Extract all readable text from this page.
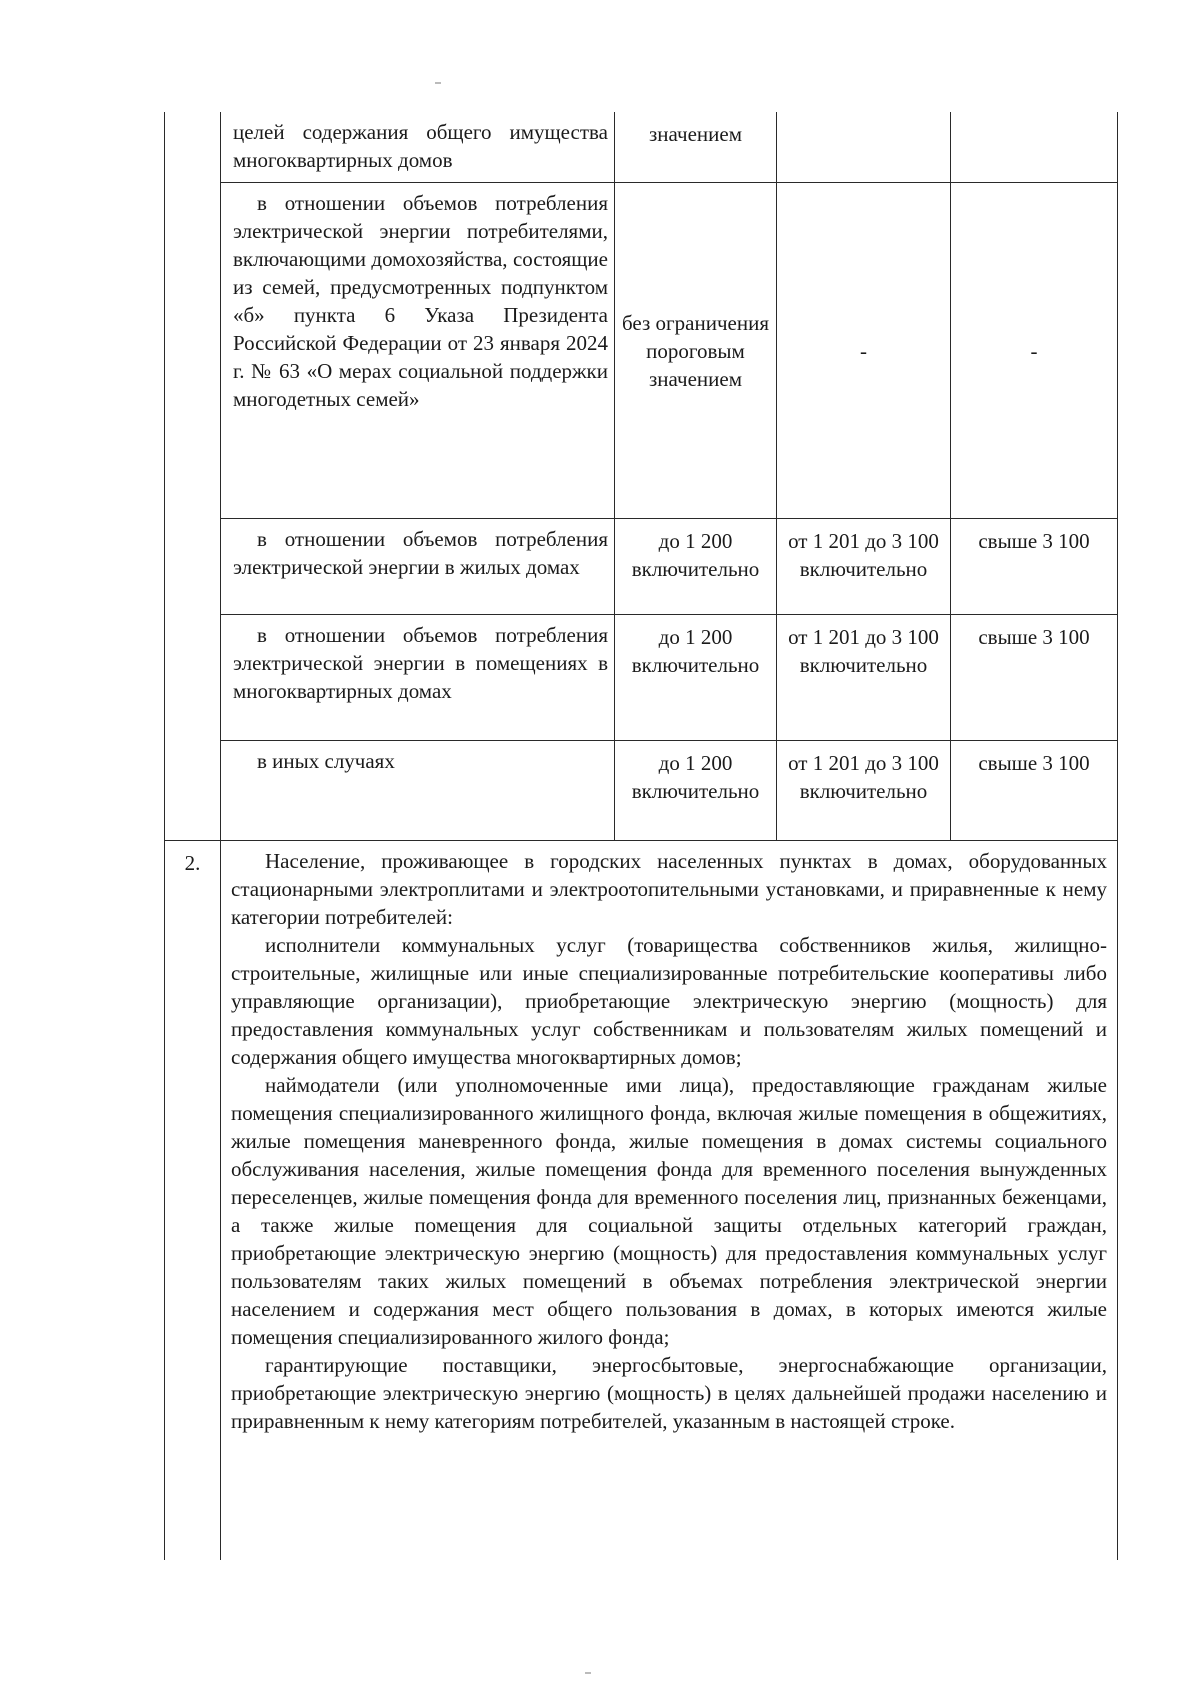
	целей содержания общего имущества многоквартирных домов	значением		

	в отношении объемов потребления электрической энергии потребителями, включающими домохозяйства, состоящие из семей, предусмотренных подпунктом «б» пункта 6 Указа Президента Российской Федерации от 23 января 2024 г. № 63 «О мерах социальной поддержки многодетных семей»	без ограничения пороговым значением	-	-

	в отношении объемов потребления электрической энергии в жилых домах	до 1 200 включительно	от 1 201 до 3 100 включительно	свыше 3 100

	в отношении объемов потребления электрической энергии в помещениях в многоквартирных домах	до 1 200 включительно	от 1 201 до 3 100 включительно	свыше 3 100

	в иных случаях	до 1 200 включительно	от 1 201 до 3 100 включительно	свыше 3 100
2.	Население, проживающее в городских населенных пунктах в домах, оборудованных стационарными электроплитами и электроотопительными установками, и приравненные к нему категории потребителей:

исполнители коммунальных услуг (товарищества собственников жилья, жилищно-строительные, жилищные или иные специализированные потребительские кооперативы либо управляющие организации), приобретающие электрическую энергию (мощность) для предоставления коммунальных услуг собственникам и пользователям жилых помещений и содержания общего имущества многоквартирных домов;

наймодатели (или уполномоченные ими лица), предоставляющие гражданам жилые помещения специализированного жилищного фонда, включая жилые помещения в общежитиях, жилые помещения маневренного фонда, жилые помещения в домах системы социального обслуживания населения, жилые помещения фонда для временного поселения вынужденных переселенцев, жилые помещения фонда для временного поселения лиц, признанных беженцами, а также жилые помещения для социальной защиты отдельных категорий граждан, приобретающие электрическую энергию (мощность) для предоставления коммунальных услуг пользователям таких жилых помещений в объемах потребления электрической энергии населением и содержания мест общего пользования в домах, в которых имеются жилые помещения специализированного жилого фонда;

гарантирующие поставщики, энергосбытовые, энергоснабжающие организации, приобретающие электрическую энергию (мощность) в целях дальнейшей продажи населению и приравненным к нему категориям потребителей, указанным в настоящей строке.			
